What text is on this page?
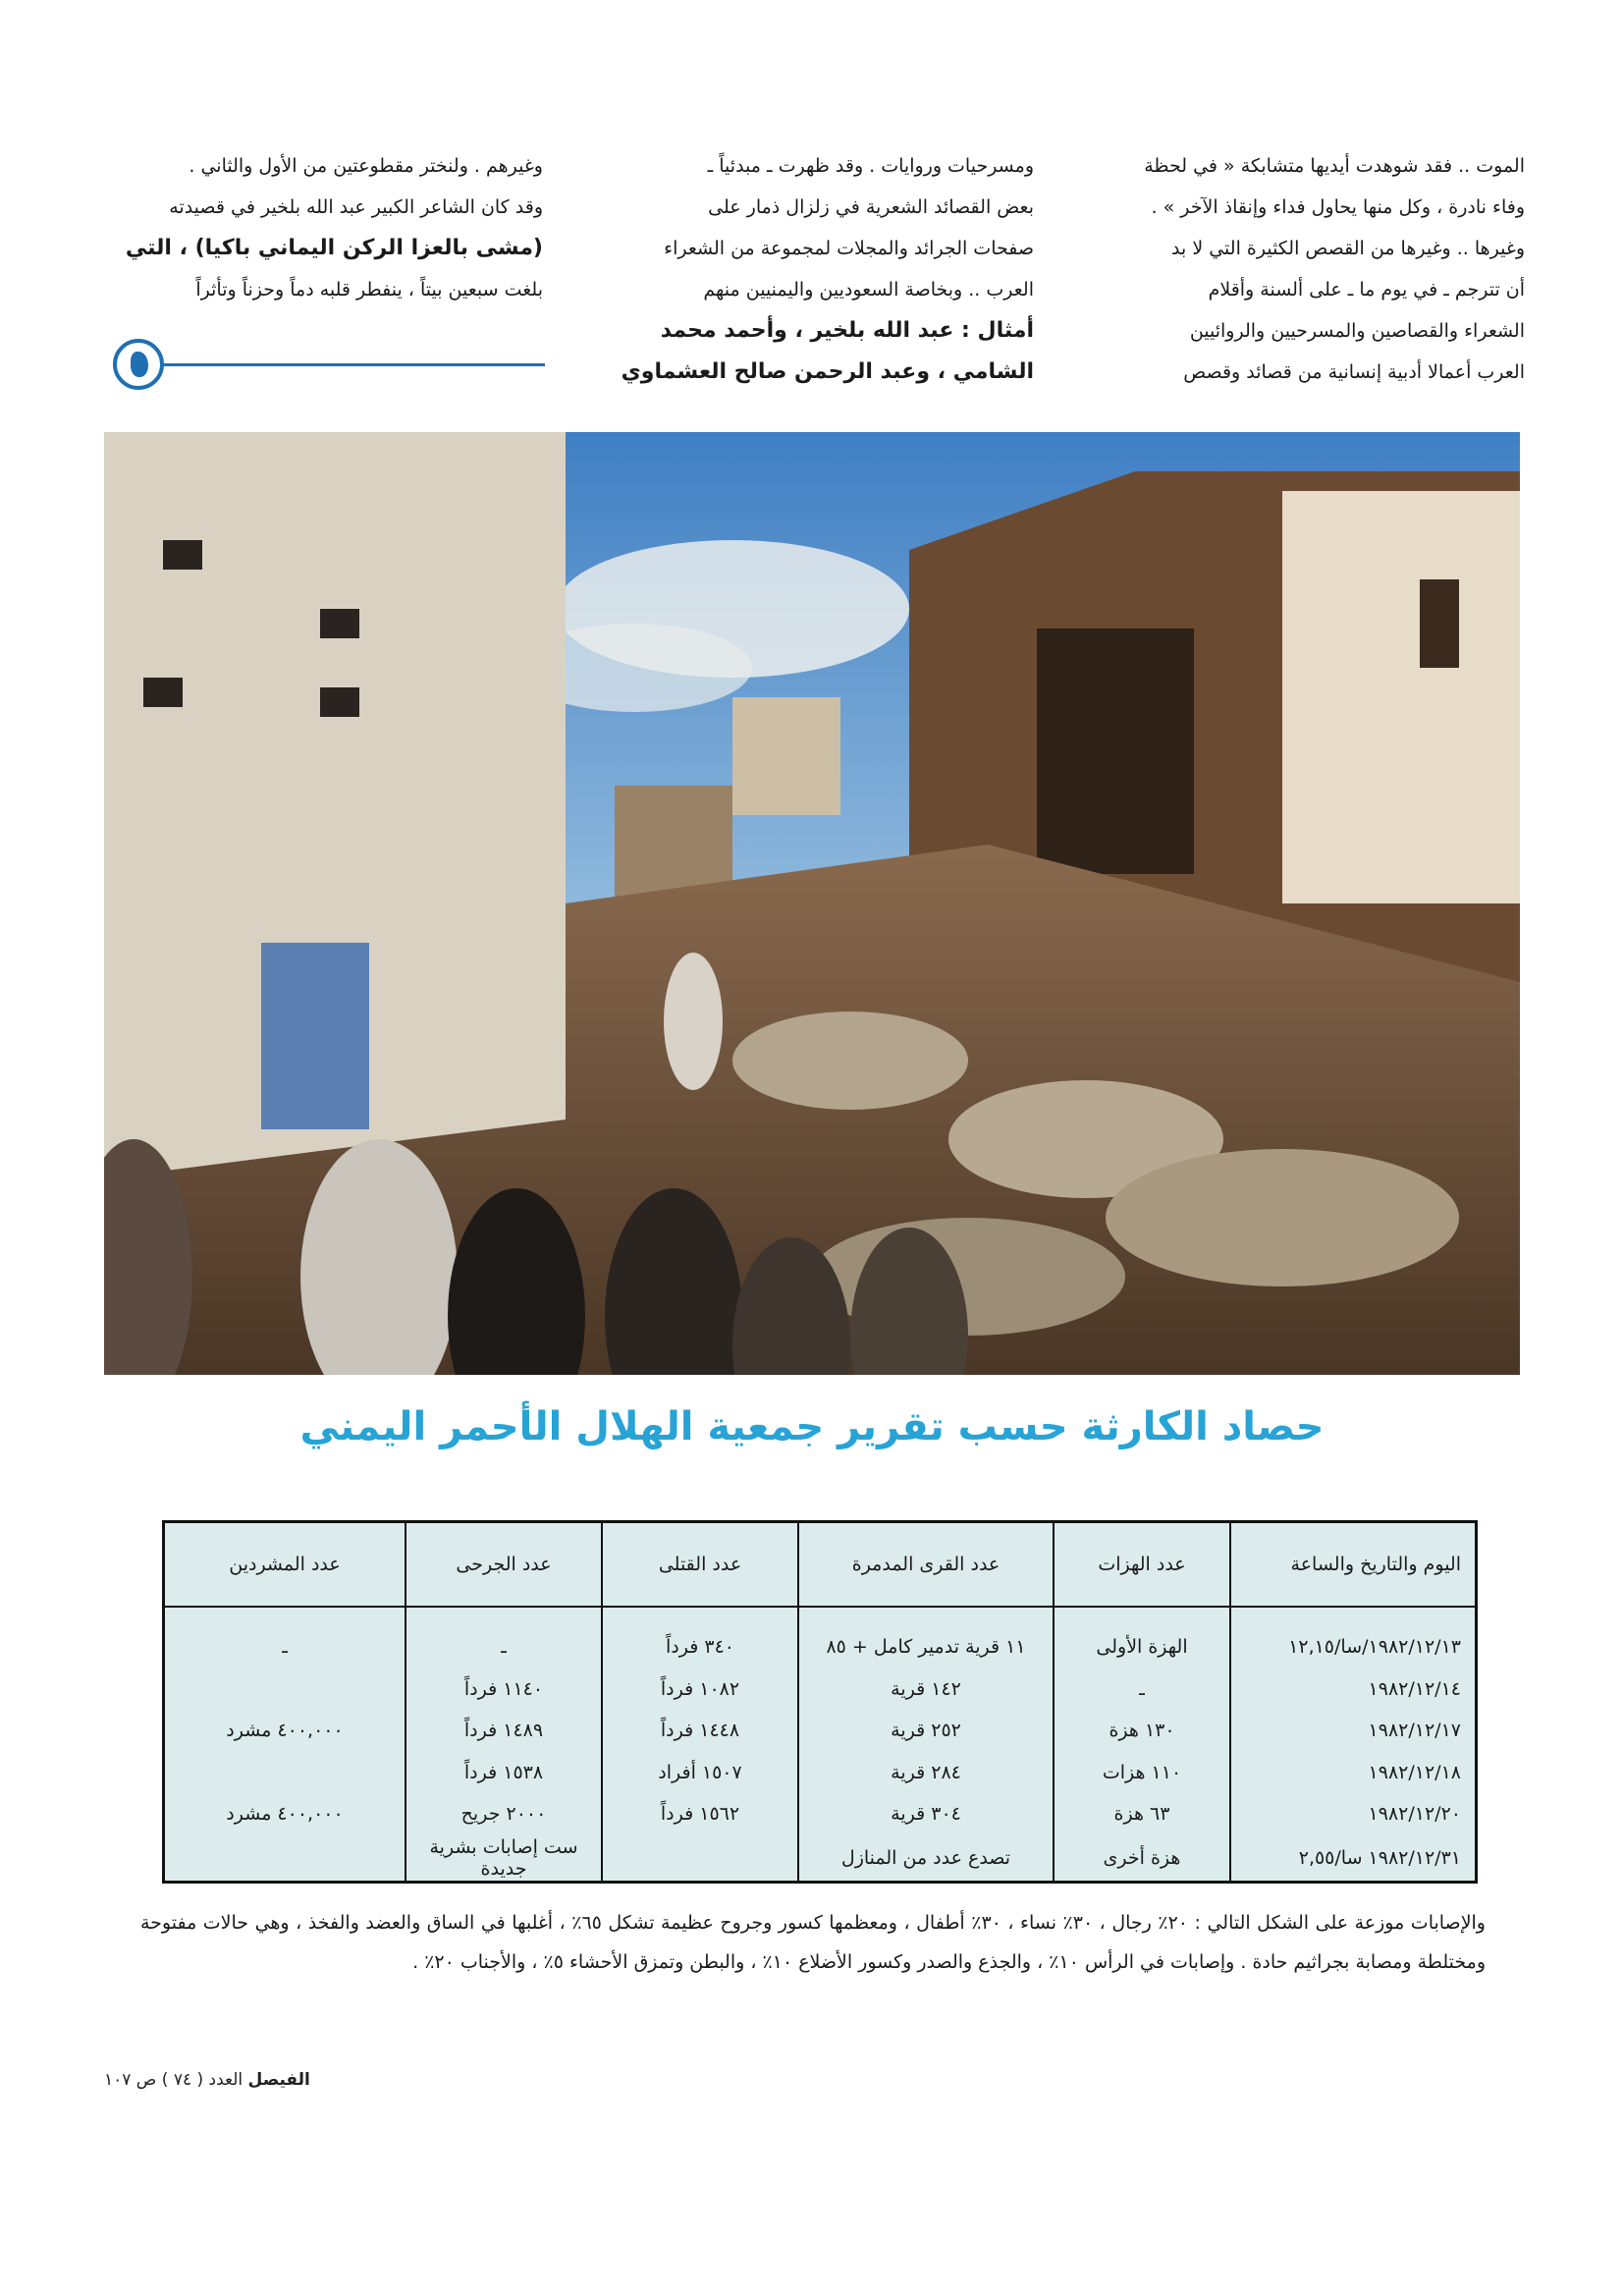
الموت .. فقد شوهدت أيديها متشابكة « في لحظة

وفاء نادرة ، وكل منها يحاول فداء وإنقاذ الآخر » .

وغيرها .. وغيرها من القصص الكثيرة التي لا بد

أن تترجم ـ في يوم ما ـ على ألسنة وأقلام

الشعراء والقصاصين والمسرحيين والروائيين

العرب أعمالا أدبية إنسانية من قصائد وقصص

ومسرحيات وروايات . وقد ظهرت ـ مبدئياً ـ

بعض القصائد الشعرية في زلزال ذمار على

صفحات الجرائد والمجلات لمجموعة من الشعراء

العرب .. وبخاصة السعوديين واليمنيين منهم

أمثال : عبد الله بلخير ، وأحمد محمد

الشامي ، وعبد الرحمن صالح العشماوي

وغيرهم . ولنختر مقطوعتين من الأول والثاني .

وقد كان الشاعر الكبير عبد الله بلخير في قصيدته

(مشى بالعزا الركن اليماني باكيا) ، التي

بلغت سبعين بيتاً ، ينفطر قلبه دماً وحزناً وتأثراً

حصاد الكارثة حسب تقرير جمعية الهلال الأحمر اليمني
اليوم والتاريخ والساعة	عدد الهزات	عدد القرى المدمرة	عدد القتلى	عدد الجرحى	عدد المشردين
١٩٨٢/١٢/١٣/سا/١٢,١٥	الهزة الأولى	١١ قرية تدمير كامل + ٨٥	٣٤٠ فرداً	ـ	ـ
١٩٨٢/١٢/١٤	ـ	١٤٢ قرية	١٠٨٢ فرداً	١١٤٠ فرداً	
١٩٨٢/١٢/١٧	١٣٠ هزة	٢٥٢ قرية	١٤٤٨ فرداً	١٤٨٩ فرداً	٤٠٠,٠٠٠ مشرد
١٩٨٢/١٢/١٨	١١٠ هزات	٢٨٤ قرية	١٥٠٧ أفراد	١٥٣٨ فرداً	
١٩٨٢/١٢/٢٠	٦٣ هزة	٣٠٤ قرية	١٥٦٢ فرداً	٢٠٠٠ جريح	٤٠٠,٠٠٠ مشرد
١٩٨٢/١٢/٣١ سا/٢,٥٥	هزة أخرى	تصدع عدد من المنازل		ست إصابات بشرية جديدة	

والإصابات موزعة على الشكل التالي : ٢٠٪ رجال ، ٣٠٪ نساء ، ٣٠٪ أطفال ، ومعظمها كسور وجروح عظيمة تشكل ٦٥٪ ، أغلبها في الساق والعضد والفخذ ، وهي حالات مفتوحة ومختلطة ومصابة بجراثيم حادة . وإصابات في الرأس ١٠٪ ، والجذع والصدر وكسور الأضلاع ١٠٪ ، والبطن وتمزق الأحشاء ٥٪ ، والأجناب ٢٠٪ .

الفيصل العدد ( ٧٤ ) ص ١٠٧
